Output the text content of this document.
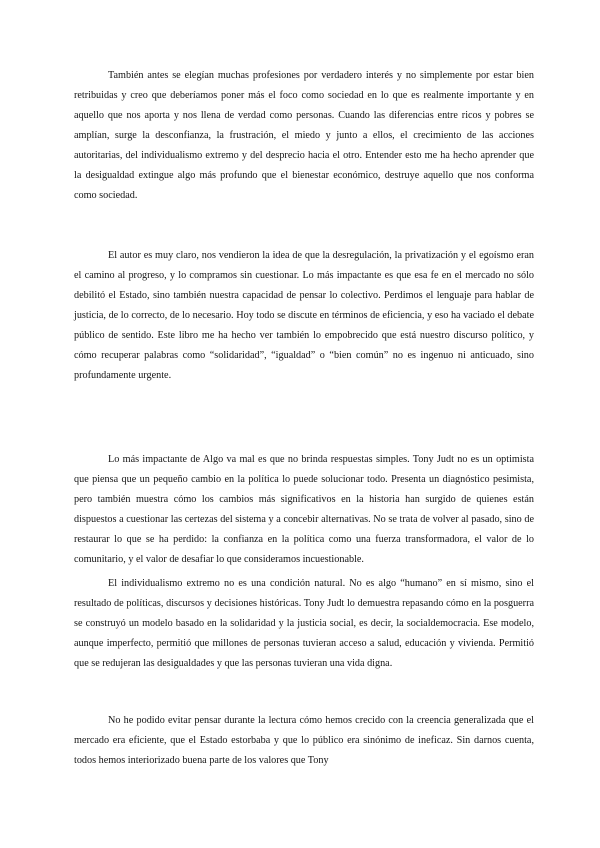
También antes se elegían muchas profesiones por verdadero interés y no simplemente por estar bien retribuidas y creo que deberíamos poner más el foco como sociedad en lo que es realmente importante y en aquello que nos aporta y nos llena de verdad como personas. Cuando las diferencias entre ricos y pobres se amplían, surge la desconfianza, la frustración, el miedo y junto a ellos, el crecimiento de las acciones autoritarias, del individualismo extremo y del desprecio hacia el otro. Entender esto me ha hecho aprender que la desigualdad extingue algo más profundo que el bienestar económico, destruye aquello que nos conforma como sociedad.

El autor es muy claro, nos vendieron la idea de que la desregulación, la privatización y el egoísmo eran el camino al progreso, y lo compramos sin cuestionar. Lo más impactante es que esa fe en el mercado no sólo debilitó el Estado, sino también nuestra capacidad de pensar lo colectivo. Perdimos el lenguaje para hablar de justicia, de lo correcto, de lo necesario. Hoy todo se discute en términos de eficiencia, y eso ha vaciado el debate público de sentido. Este libro me ha hecho ver también lo empobrecido que está nuestro discurso político, y cómo recuperar palabras como “solidaridad”, “igualdad” o “bien común” no es ingenuo ni anticuado, sino profundamente urgente.

Lo más impactante de Algo va mal es que no brinda respuestas simples. Tony Judt no es un optimista que piensa que un pequeño cambio en la política lo puede solucionar todo. Presenta un diagnóstico pesimista, pero también muestra cómo los cambios más significativos en la historia han surgido de quienes están dispuestos a cuestionar las certezas del sistema y a concebir alternativas. No se trata de volver al pasado, sino de restaurar lo que se ha perdido: la confianza en la política como una fuerza transformadora, el valor de lo comunitario, y el valor de desafiar lo que consideramos incuestionable.

El individualismo extremo no es una condición natural. No es algo “humano” en sí mismo, sino el resultado de políticas, discursos y decisiones históricas. Tony Judt lo demuestra repasando cómo en la posguerra se construyó un modelo basado en la solidaridad y la justicia social, es decir, la socialdemocracia. Ese modelo, aunque imperfecto, permitió que millones de personas tuvieran acceso a salud, educación y vivienda. Permitió que se redujeran las desigualdades y que las personas tuvieran una vida digna.

No he podido evitar pensar durante la lectura cómo hemos crecido con la creencia generalizada que el mercado era eficiente, que el Estado estorbaba y que lo público era sinónimo de ineficaz. Sin darnos cuenta, todos hemos interiorizado buena parte de los valores que Tony
